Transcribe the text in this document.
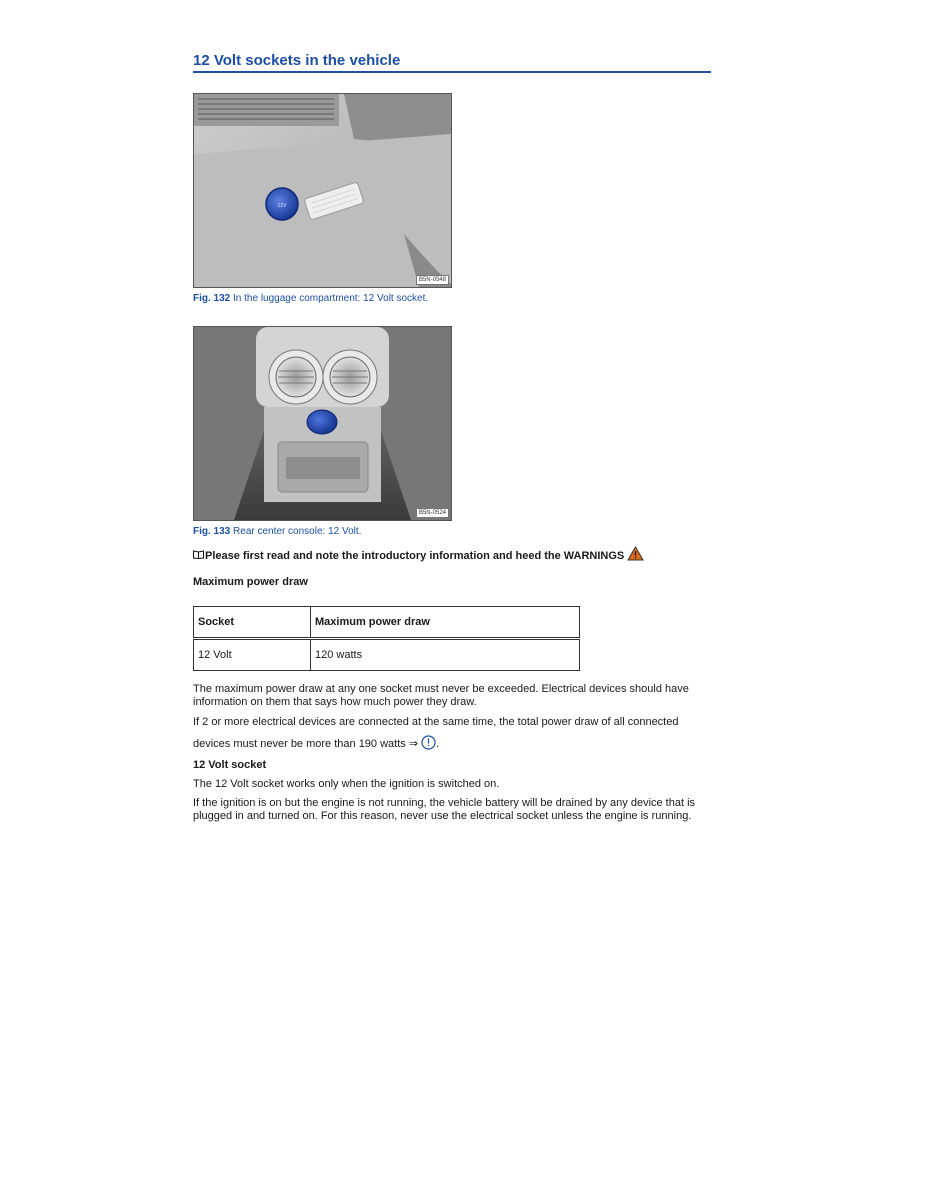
12 Volt sockets in the vehicle
12V
B5N-0548
Fig. 132 In the luggage compartment: 12 Volt socket.
B5N-0524
Fig. 133 Rear center console: 12 Volt.
Please first read and note the introductory information and heed the WARNINGS
Maximum power draw
Socket	Maximum power draw
12 Volt	120 watts
The maximum power draw at any one socket must never be exceeded. Electrical devices should have information on them that says how much power they draw.
If 2 or more electrical devices are connected at the same time, the total power draw of all connected
devices must never be more than 190 watts ⇒ .
12 Volt socket
The 12 Volt socket works only when the ignition is switched on.
If the ignition is on but the engine is not running, the vehicle battery will be drained by any device that is plugged in and turned on. For this reason, never use the electrical socket unless the engine is running.
